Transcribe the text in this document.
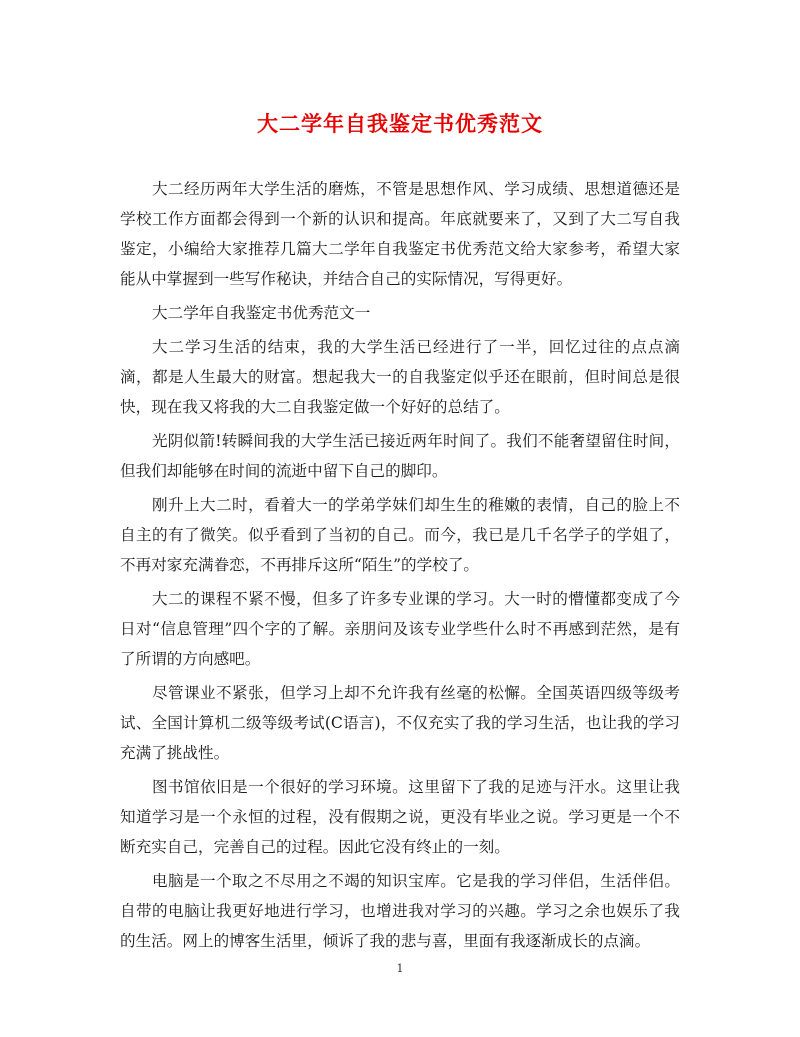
大二学年自我鉴定书优秀范文

大二经历两年大学生活的磨炼，不管是思想作风、学习成绩、思想道德还是学校工作方面都会得到一个新的认识和提高。年底就要来了，又到了大二写自我鉴定，小编给大家推荐几篇大二学年自我鉴定书优秀范文给大家参考，希望大家能从中掌握到一些写作秘诀，并结合自己的实际情况，写得更好。

大二学年自我鉴定书优秀范文一

大二学习生活的结束，我的大学生活已经进行了一半，回忆过往的点点滴滴，都是人生最大的财富。想起我大一的自我鉴定似乎还在眼前，但时间总是很快，现在我又将我的大二自我鉴定做一个好好的总结了。

光阴似箭!转瞬间我的大学生活已接近两年时间了。我们不能奢望留住时间，但我们却能够在时间的流逝中留下自己的脚印。

刚升上大二时，看着大一的学弟学妹们却生生的稚嫩的表情，自己的脸上不自主的有了微笑。似乎看到了当初的自己。而今，我已是几千名学子的学姐了，不再对家充满眷恋，不再排斥这所“陌生”的学校了。

大二的课程不紧不慢，但多了许多专业课的学习。大一时的懵懂都变成了今日对“信息管理”四个字的了解。亲朋问及该专业学些什么时不再感到茫然，是有了所谓的方向感吧。

尽管课业不紧张，但学习上却不允许我有丝毫的松懈。全国英语四级等级考试、全国计算机二级等级考试(C语言)，不仅充实了我的学习生活，也让我的学习充满了挑战性。

图书馆依旧是一个很好的学习环境。这里留下了我的足迹与汗水。这里让我知道学习是一个永恒的过程，没有假期之说，更没有毕业之说。学习更是一个不断充实自己，完善自己的过程。因此它没有终止的一刻。

电脑是一个取之不尽用之不竭的知识宝库。它是我的学习伴侣，生活伴侣。自带的电脑让我更好地进行学习，也增进我对学习的兴趣。学习之余也娱乐了我的生活。网上的博客生活里，倾诉了我的悲与喜，里面有我逐渐成长的点滴。

1
